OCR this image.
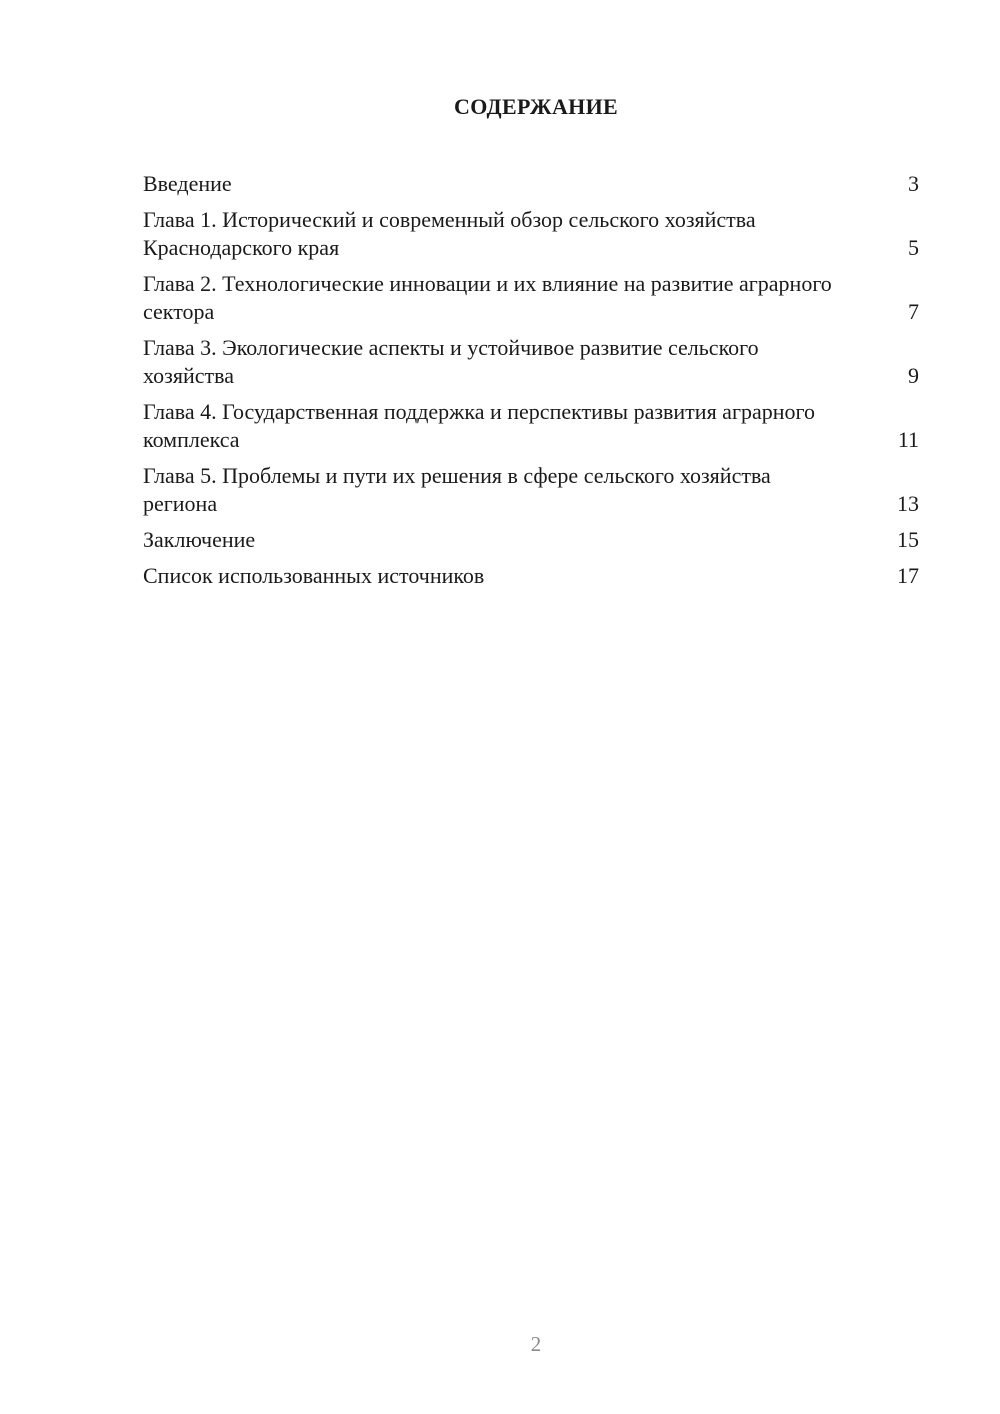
СОДЕРЖАНИЕ
Введение	3
Глава 1. Исторический и современный обзор сельского хозяйства Краснодарского края	5
Глава 2. Технологические инновации и их влияние на развитие аграрного сектора	7
Глава 3. Экологические аспекты и устойчивое развитие сельского хозяйства	9
Глава 4. Государственная поддержка и перспективы развития аграрного комплекса	11
Глава 5. Проблемы и пути их решения в сфере сельского хозяйства региона	13
Заключение	15
Список использованных источников	17
2
